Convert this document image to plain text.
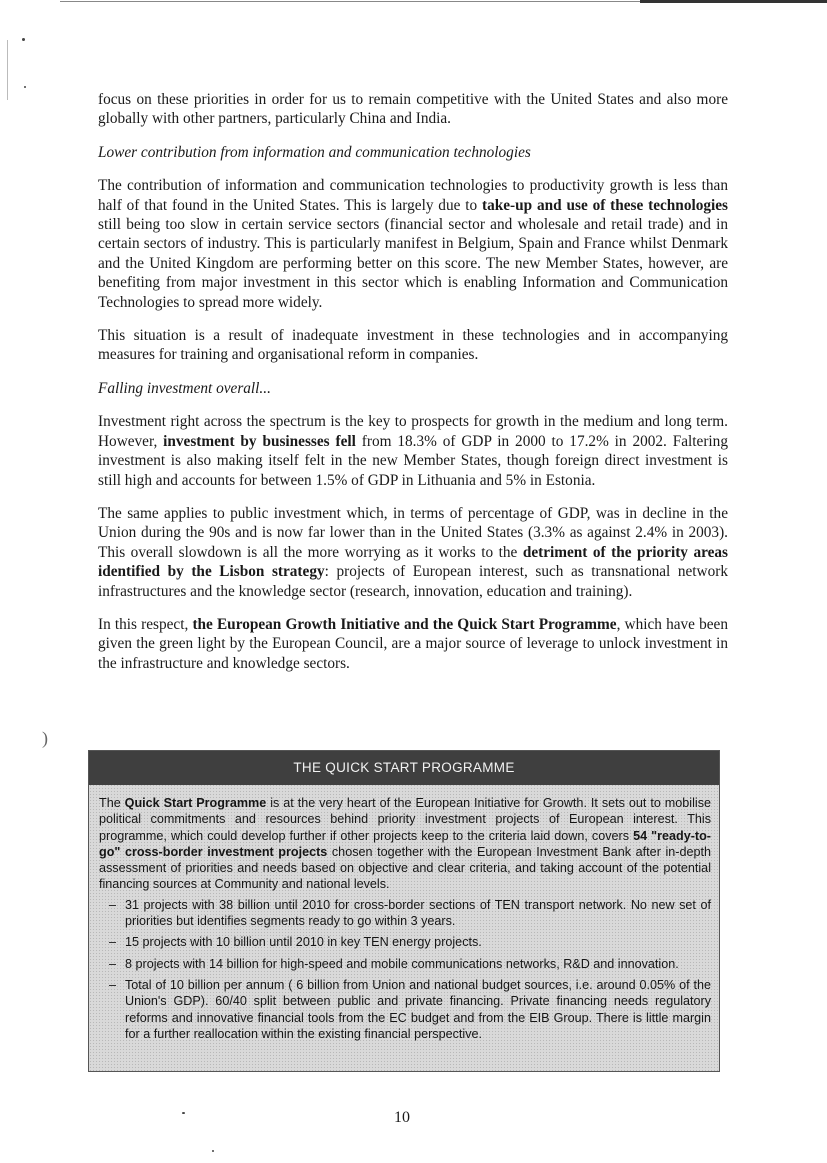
)

focus on these priorities in order for us to remain competitive with the United States and also more globally with other partners, particularly China and India.

Lower contribution from information and communication technologies

The contribution of information and communication technologies to productivity growth is less than half of that found in the United States. This is largely due to take-up and use of these technologies still being too slow in certain service sectors (financial sector and wholesale and retail trade) and in certain sectors of industry. This is particularly manifest in Belgium, Spain and France whilst Denmark and the United Kingdom are performing better on this score. The new Member States, however, are benefiting from major investment in this sector which is enabling Information and Communication Technologies to spread more widely.

This situation is a result of inadequate investment in these technologies and in accompanying measures for training and organisational reform in companies.

Falling investment overall...

Investment right across the spectrum is the key to prospects for growth in the medium and long term. However, investment by businesses fell from 18.3% of GDP in 2000 to 17.2% in 2002. Faltering investment is also making itself felt in the new Member States, though foreign direct investment is still high and accounts for between 1.5% of GDP in Lithuania and 5% in Estonia.

The same applies to public investment which, in terms of percentage of GDP, was in decline in the Union during the 90s and is now far lower than in the United States (3.3% as against 2.4% in 2003). This overall slowdown is all the more worrying as it works to the detriment of the priority areas identified by the Lisbon strategy: projects of European interest, such as transnational network infrastructures and the knowledge sector (research, innovation, education and training).

In this respect, the European Growth Initiative and the Quick Start Programme, which have been given the green light by the European Council, are a major source of leverage to unlock investment in the infrastructure and knowledge sectors.

THE QUICK START PROGRAMME

The Quick Start Programme is at the very heart of the European Initiative for Growth. It sets out to mobilise political commitments and resources behind priority investment projects of European interest. This programme, which could develop further if other projects keep to the criteria laid down, covers 54 "ready-to-go" cross-border investment projects chosen together with the European Investment Bank after in-depth assessment of priorities and needs based on objective and clear criteria, and taking account of the potential financing sources at Community and national levels.

– 31 projects with 38 billion until 2010 for cross-border sections of TEN transport network. No new set of priorities but identifies segments ready to go within 3 years.
– 15 projects with 10 billion until 2010 in key TEN energy projects.
– 8 projects with 14 billion for high-speed and mobile communications networks, R&D and innovation.
– Total of 10 billion per annum ( 6 billion from Union and national budget sources, i.e. around 0.05% of the Union's GDP). 60/40 split between public and private financing. Private financing needs regulatory reforms and innovative financial tools from the EC budget and from the EIB Group. There is little margin for a further reallocation within the existing financial perspective.
10
